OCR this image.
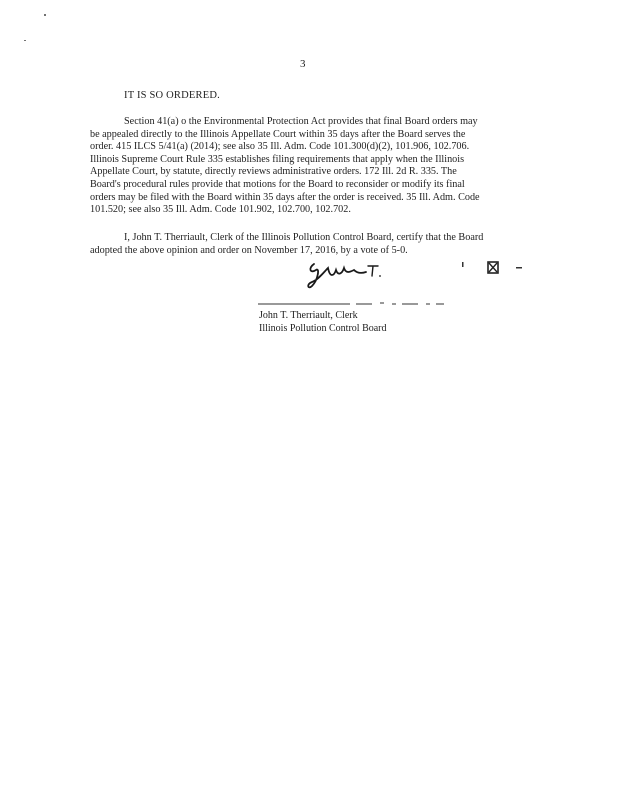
3
IT IS SO ORDERED.
Section 41(a) o the Environmental Protection Act provides that final Board orders may
be appealed directly to the Illinois Appellate Court within 35 days after the Board serves the
order. 415 ILCS 5/41(a) (2014); see also 35 Ill. Adm. Code 101.300(d)(2), 101.906, 102.706.
Illinois Supreme Court Rule 335 establishes filing requirements that apply when the Illinois
Appellate Court, by statute, directly reviews administrative orders. 172 Ill. 2d R. 335. The
Board's procedural rules provide that motions for the Board to reconsider or modify its final
orders may be filed with the Board within 35 days after the order is received. 35 Ill. Adm. Code
101.520; see also 35 Ill. Adm. Code 101.902, 102.700, 102.702.
I, John T. Therriault, Clerk of the Illinois Pollution Control Board, certify that the Board
adopted the above opinion and order on November 17, 2016, by a vote of 5-0.
John T. Therriault, Clerk
Illinois Pollution Control Board
